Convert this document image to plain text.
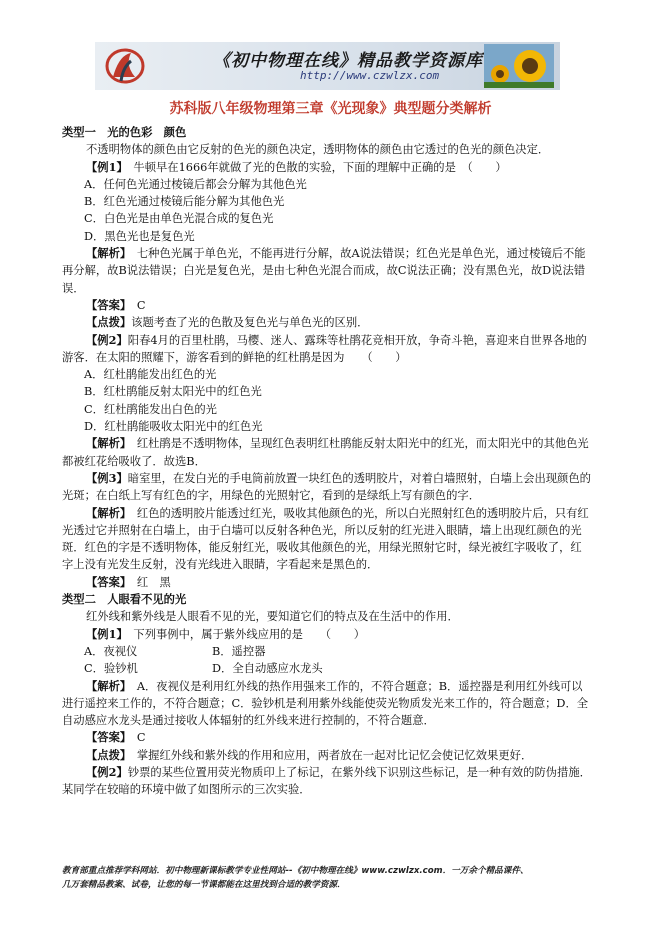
《初中物理在线》精品教学资源库
http://www.czwlzx.com
苏科版八年级物理第三章《光现象》典型题分类解析

类型一　光的色彩　颜色

不透明物体的颜色由它反射的色光的颜色决定，透明物体的颜色由它透过的色光的颜色决定．

【例1】　牛顿早在1666年就做了光的色散的实验，下面的理解中正确的是　（　　）

A．任何色光通过棱镜后都会分解为其他色光

B．红色光通过棱镜后能分解为其他色光

C．白色光是由单色光混合成的复色光

D．黑色光也是复色光

【解析】　七种色光属于单色光，不能再进行分解，故A说法错误；红色光是单色光，通过棱镜后不能再分解，故B说法错误；白光是复色光，是由七种色光混合而成，故C说法正确；没有黑色光，故D说法错误．

【答案】　C

【点拨】该题考查了光的色散及复色光与单色光的区别．

【例2】阳春4月的百里杜鹃，马樱、迷人、露珠等杜鹃花竞相开放，争奇斗艳，喜迎来自世界各地的游客．在太阳的照耀下，游客看到的鲜艳的红杜鹃是因为　　（　　）

A．红杜鹃能发出红色的光

B．红杜鹃能反射太阳光中的红色光

C．红杜鹃能发出白色的光

D．红杜鹃能吸收太阳光中的红色光

【解析】　红杜鹃是不透明物体，呈现红色表明红杜鹃能反射太阳光中的红光，而太阳光中的其他色光都被红花给吸收了．故选B．

【例3】暗室里，在发白光的手电筒前放置一块红色的透明胶片，对着白墙照射，白墙上会出现颜色的光斑；在白纸上写有红色的字，用绿色的光照射它，看到的是绿纸上写有颜色的字．

【解析】　红色的透明胶片能透过红光，吸收其他颜色的光，所以白光照射红色的透明胶片后，只有红光透过它并照射在白墙上，由于白墙可以反射各种色光，所以反射的红光进入眼睛，墙上出现红颜色的光斑．红色的字是不透明物体，能反射红光，吸收其他颜色的光，用绿光照射它时，绿光被红字吸收了，红字上没有光发生反射，没有光线进入眼睛，字看起来是黑色的．

【答案】　红　黑

类型二　人眼看不见的光

红外线和紫外线是人眼看不见的光，要知道它们的特点及在生活中的作用．

【例1】　下列事例中，属于紫外线应用的是　　（　　）

A．夜视仪	B．遥控器

C．验钞机	D．全自动感应水龙头

【解析】　A．夜视仪是利用红外线的热作用强来工作的，不符合题意；B．遥控器是利用红外线可以进行遥控来工作的，不符合题意；C．验钞机是利用紫外线能使荧光物质发光来工作的，符合题意；D．全自动感应水龙头是通过接收人体辐射的红外线来进行控制的，不符合题意．

【答案】　C

【点拨】　掌握红外线和紫外线的作用和应用，两者放在一起对比记忆会使记忆效果更好．

【例2】钞票的某些位置用荧光物质印上了标记，在紫外线下识别这些标记，是一种有效的防伪措施．某同学在较暗的环境中做了如图所示的三次实验．

教育部重点推荐学科网站．初中物理新课标教学专业性网站--《初中物理在线》www.czwlzx.com．一万余个精品课件、
几万套精品教案、试卷，让您的每一节课都能在这里找到合适的教学资源．
